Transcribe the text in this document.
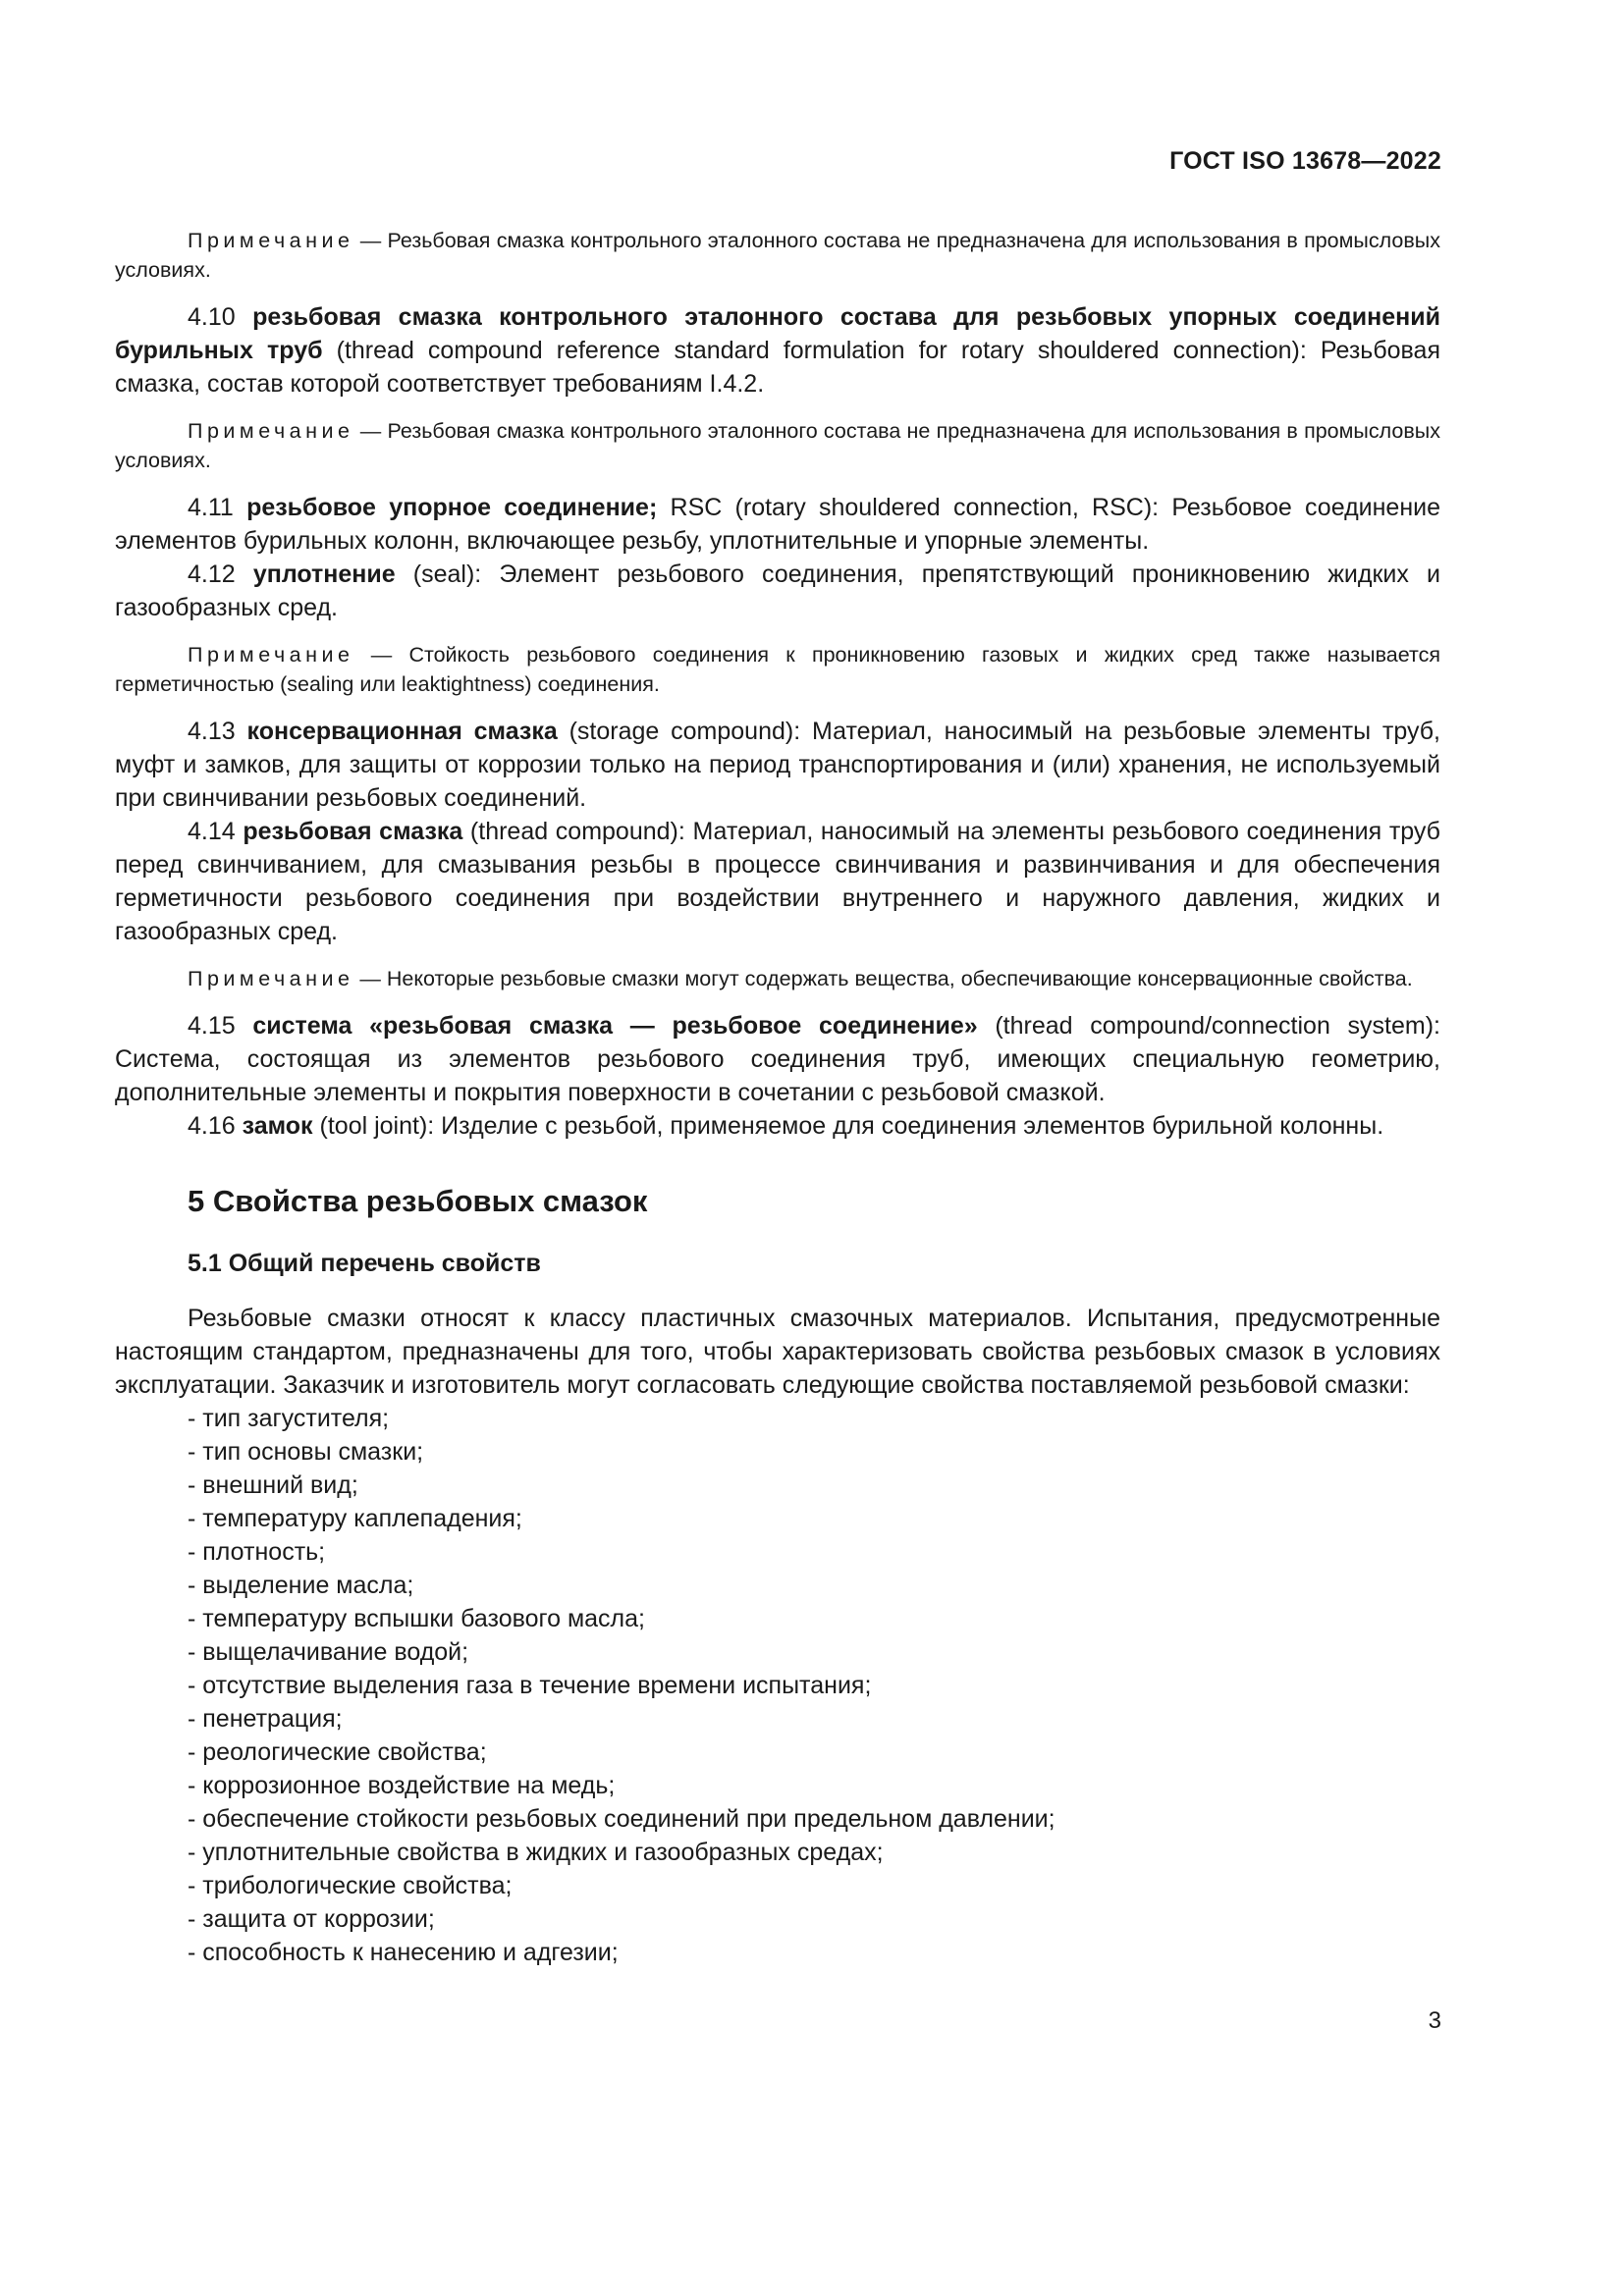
ГОСТ ISO 13678—2022

Примечание — Резьбовая смазка контрольного эталонного состава не предназначена для использования в промысловых условиях.

4.10 резьбовая смазка контрольного эталонного состава для резьбовых упорных соединений бурильных труб (thread compound reference standard formulation for rotary shouldered connection): Резьбовая смазка, состав которой соответствует требованиям I.4.2.

Примечание — Резьбовая смазка контрольного эталонного состава не предназначена для использования в промысловых условиях.

4.11 резьбовое упорное соединение; RSC (rotary shouldered connection, RSC): Резьбовое соединение элементов бурильных колонн, включающее резьбу, уплотнительные и упорные элементы.

4.12 уплотнение (seal): Элемент резьбового соединения, препятствующий проникновению жидких и газообразных сред.

Примечание — Стойкость резьбового соединения к проникновению газовых и жидких сред также называется герметичностью (sealing или leaktightness) соединения.

4.13 консервационная смазка (storage compound): Материал, наносимый на резьбовые элементы труб, муфт и замков, для защиты от коррозии только на период транспортирования и (или) хранения, не используемый при свинчивании резьбовых соединений.

4.14 резьбовая смазка (thread compound): Материал, наносимый на элементы резьбового соединения труб перед свинчиванием, для смазывания резьбы в процессе свинчивания и развинчивания и для обеспечения герметичности резьбового соединения при воздействии внутреннего и наружного давления, жидких и газообразных сред.

Примечание — Некоторые резьбовые смазки могут содержать вещества, обеспечивающие консервационные свойства.

4.15 система «резьбовая смазка — резьбовое соединение» (thread compound/connection system): Система, состоящая из элементов резьбового соединения труб, имеющих специальную геометрию, дополнительные элементы и покрытия поверхности в сочетании с резьбовой смазкой.

4.16 замок (tool joint): Изделие с резьбой, применяемое для соединения элементов бурильной колонны.

5 Свойства резьбовых смазок
5.1 Общий перечень свойств

Резьбовые смазки относят к классу пластичных смазочных материалов. Испытания, предусмотренные настоящим стандартом, предназначены для того, чтобы характеризовать свойства резьбовых смазок в условиях эксплуатации. Заказчик и изготовитель могут согласовать следующие свойства поставляемой резьбовой смазки:

- тип загустителя;
- тип основы смазки;
- внешний вид;
- температуру каплепадения;
- плотность;
- выделение масла;
- температуру вспышки базового масла;
- выщелачивание водой;
- отсутствие выделения газа в течение времени испытания;
- пенетрация;
- реологические свойства;
- коррозионное воздействие на медь;
- обеспечение стойкости резьбовых соединений при предельном давлении;
- уплотнительные свойства в жидких и газообразных средах;
- трибологические свойства;
- защита от коррозии;
- способность к нанесению и адгезии;
3
